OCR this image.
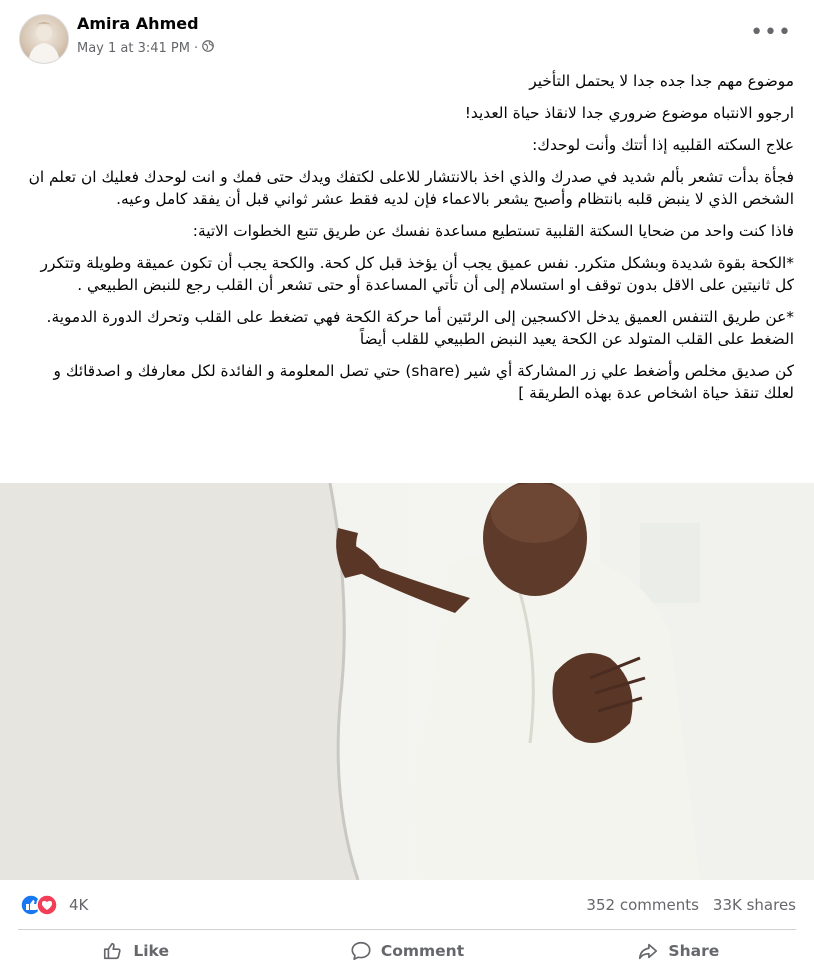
Amira Ahmed
May 1 at 3:41 PM ·
•••

موضوع مهم جدا جده جدا لا يحتمل التأخير

ارجوو الانتباه موضوع ضروري جدا لانقاذ حياة العديد!

علاج السكته القلبيه إذا أتتك وأنت لوحدك:

فجأة بدأت تشعر بألم شديد في صدرك والذي اخذ بالانتشار للاعلى لكتفك ويدك حتى فمك و انت لوحدك فعليك ان تعلم ان الشخص الذي لا ينبض قلبه بانتظام وأصبح يشعر بالاعماء فإن لديه فقط عشر ثواني قبل أن يفقد كامل وعيه.

فاذا كنت واحد من ضحايا السكتة القلبية تستطيع مساعدة نفسك عن طريق تتبع الخطوات الاتية:

*الكحة بقوة شديدة وبشكل متكرر. نفس عميق يجب أن يؤخذ قبل كل كحة. والكحة يجب أن تكون عميقة وطويلة وتتكرر كل ثانيتين على الاقل بدون توقف او استسلام إلى أن تأتي المساعدة أو حتى تشعر أن القلب رجع للنبض الطبيعي .

*عن طريق التنفس العميق يدخل الاكسجين إلى الرئتين أما حركة الكحة فهي تضغط على القلب وتحرك الدورة الدموية. الضغط على القلب المتولد عن الكحة يعيد النبض الطبيعي للقلب أيضاً

كن صديق مخلص وأضغط علي زر المشاركة أي شير (share) حتي تصل المعلومة و الفائدة لكل معارفك و اصدقائك و لعلك تنقذ حياة اشخاص عدة بهذه الطريقة ]

4K	352 comments 33K shares
Like	Comment	Share
